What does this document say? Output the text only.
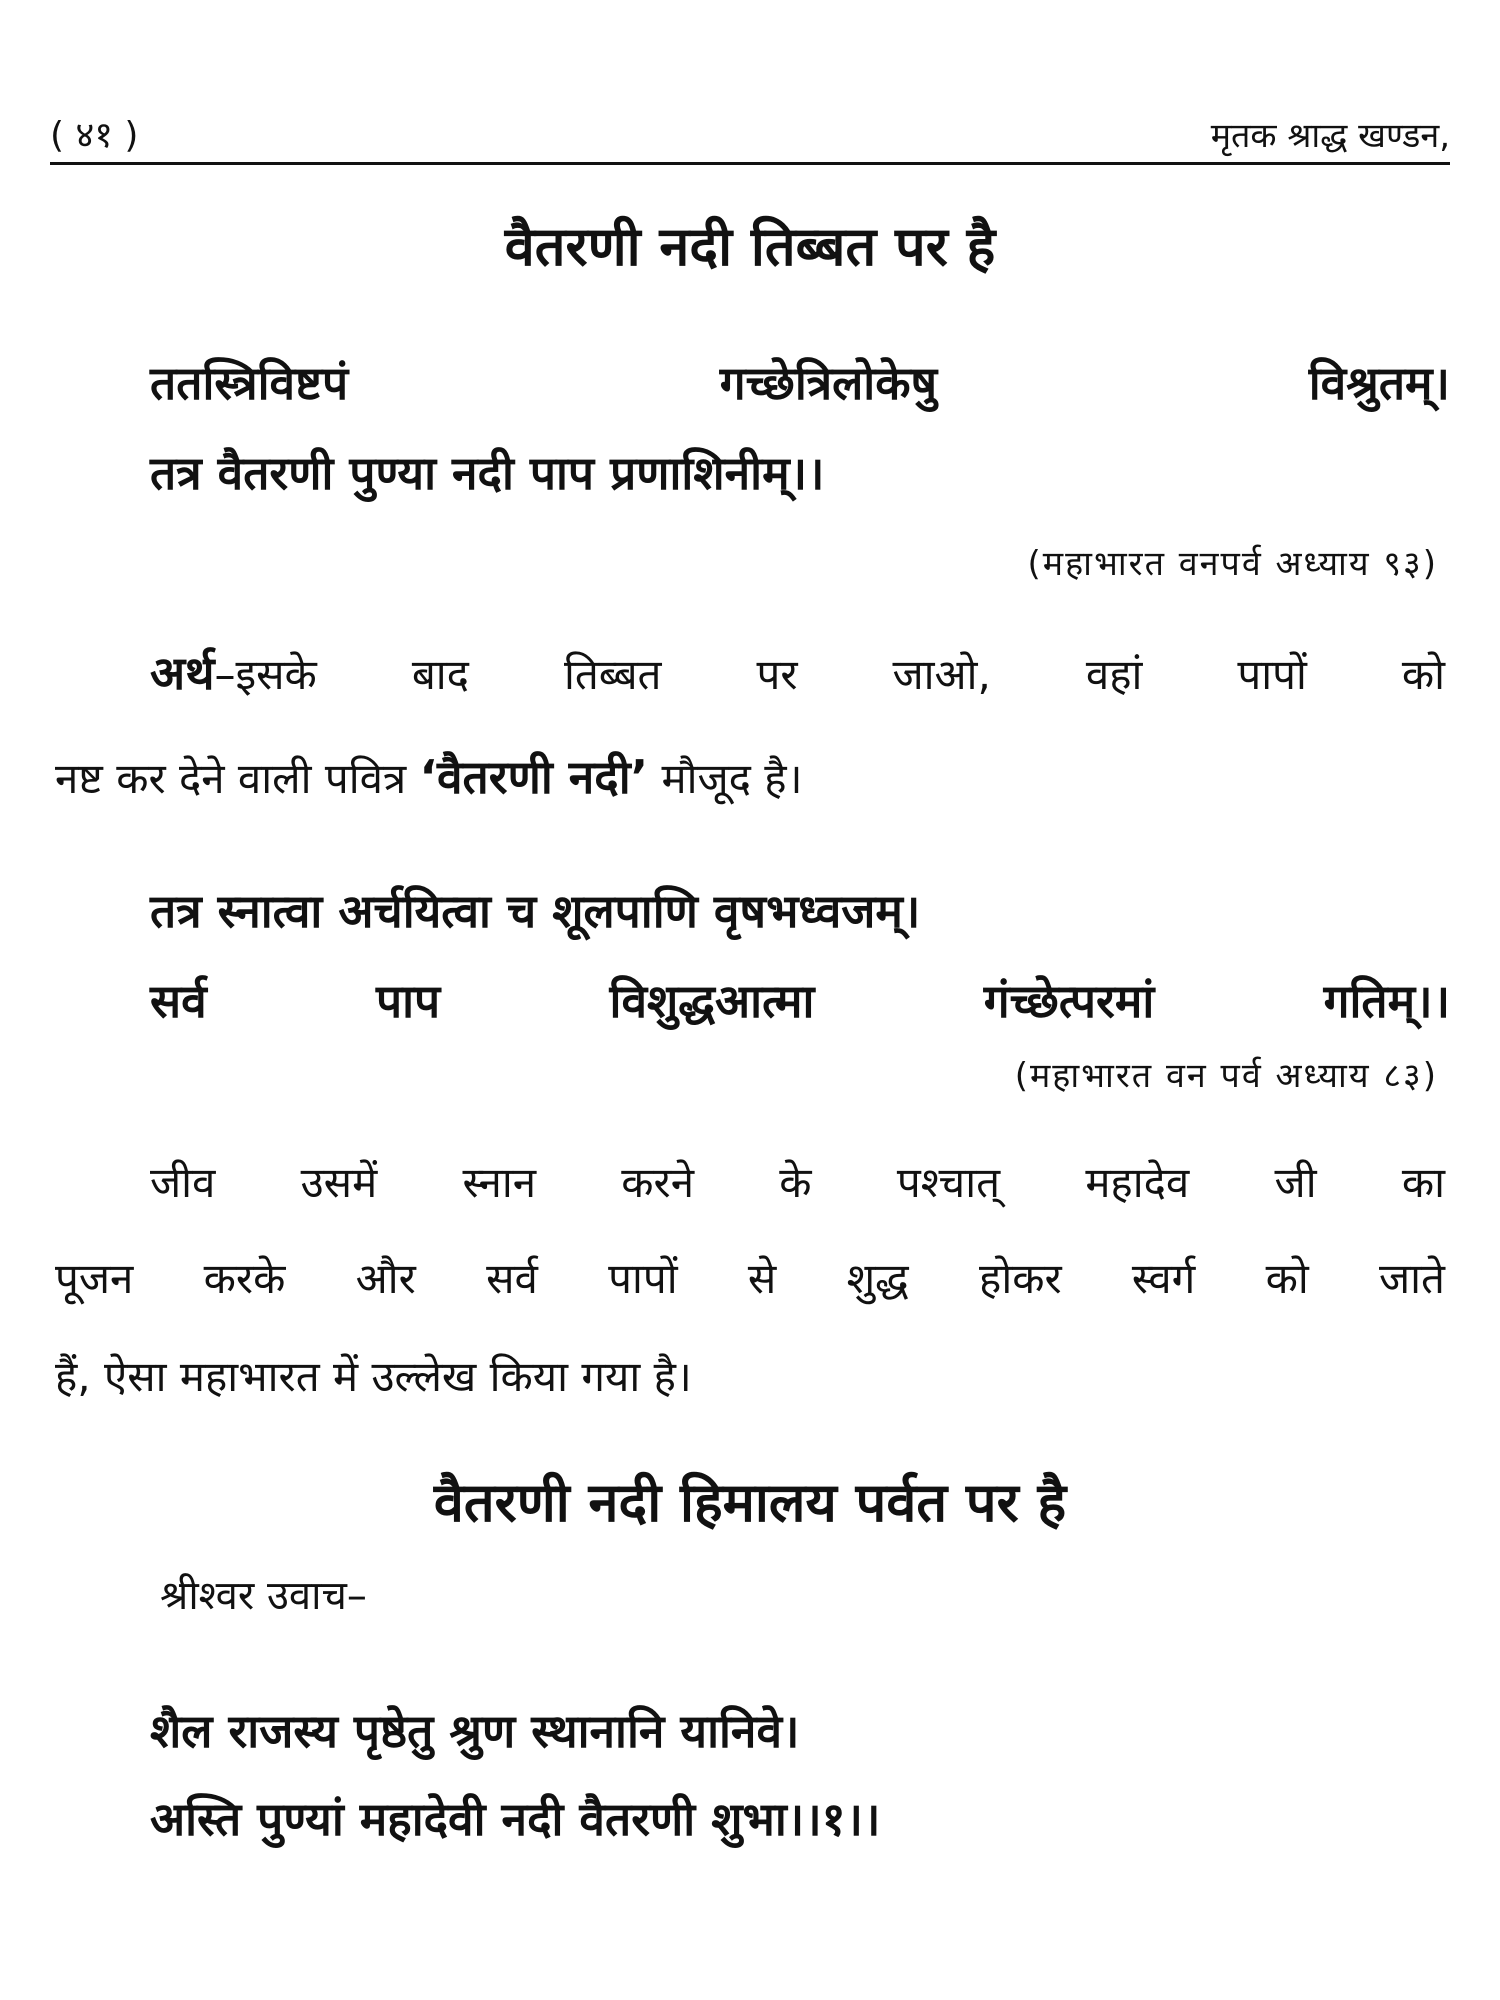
( ४१ )	मृतक श्राद्ध खण्डन,
वैतरणी नदी तिब्बत पर है
ततस्त्रिविष्टपं गच्छेत्रिलोकेषु विश्रुतम्।
तत्र वैतरणी पुण्या नदी पाप प्रणाशिनीम्।।
(महाभारत वनपर्व अध्याय ९३)
अर्थ–इसके बाद तिब्बत पर जाओ, वहां पापों को
नष्ट कर देने वाली पवित्र ‘वैतरणी नदी’ मौजूद है।
तत्र स्नात्वा अर्चयित्वा च शूलपाणि वृषभध्वजम्।
सर्व पाप विशुद्धआत्मा गंच्छेत्परमां गतिम्।।
(महाभारत वन पर्व अध्याय ८३)
जीव उसमें स्नान करने के पश्चात् महादेव जी का
पूजन करके और सर्व पापों से शुद्ध होकर स्वर्ग को जाते
हैं, ऐसा महाभारत में उल्लेख किया गया है।
वैतरणी नदी हिमालय पर्वत पर है
श्रीश्वर उवाच–
शैल राजस्य पृष्ठेतु श्रुण स्थानानि यानिवे।
अस्ति पुण्यां महादेवी नदी वैतरणी शुभा।।१।।
